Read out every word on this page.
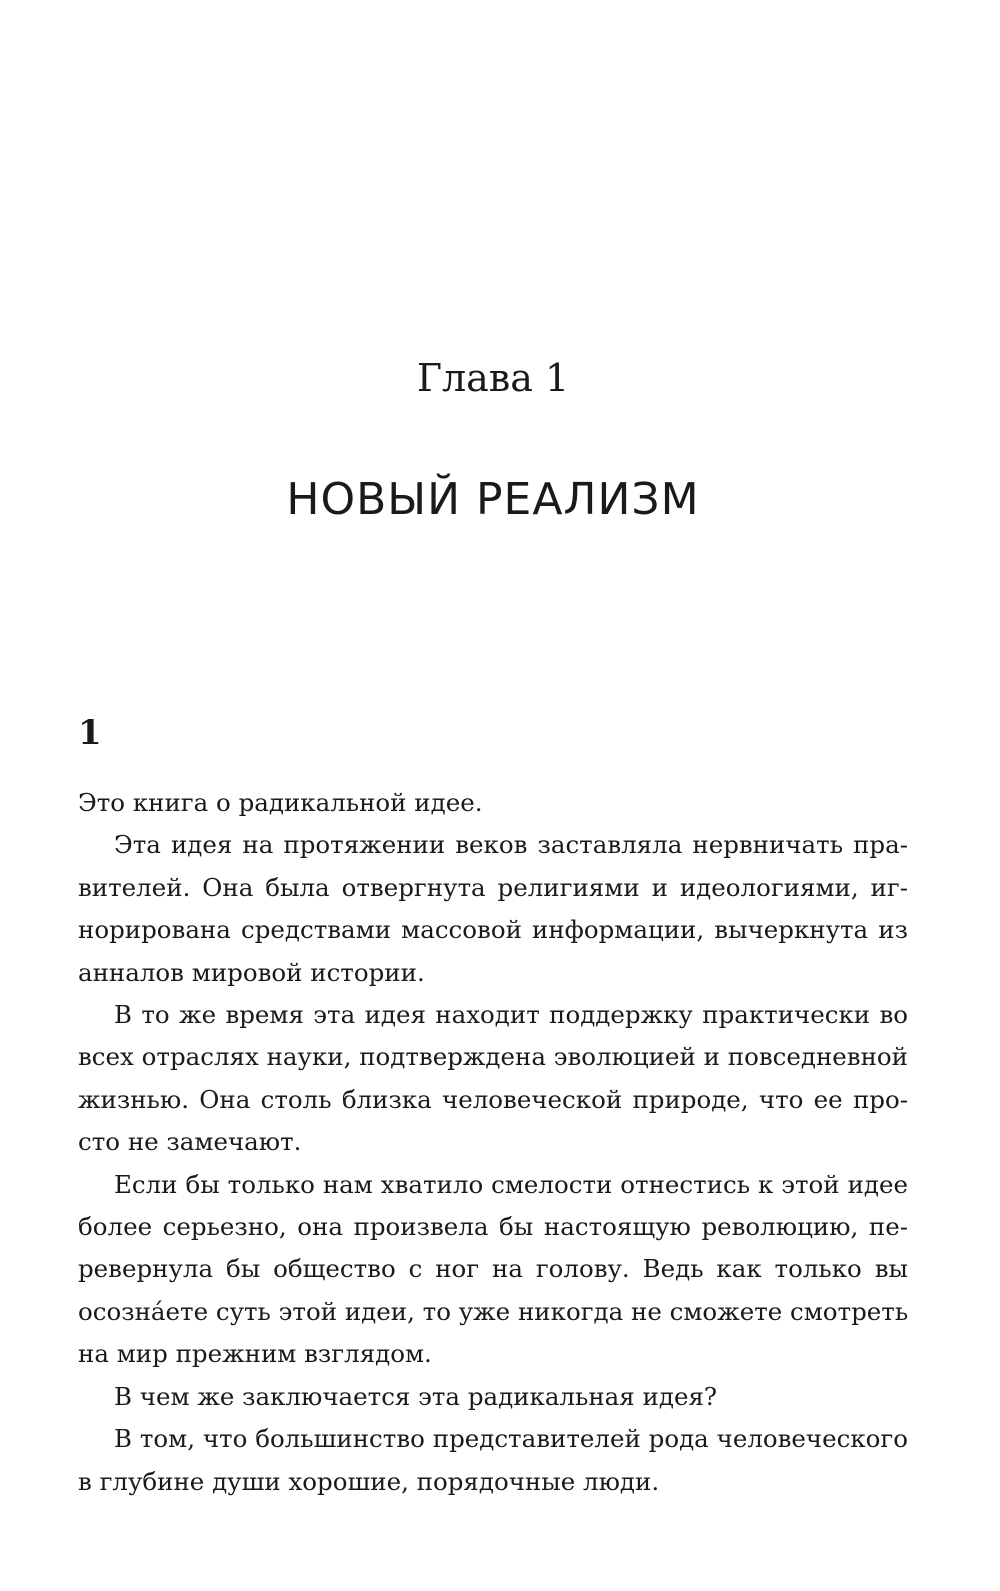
Глава 1
НОВЫЙ РЕАЛИЗМ
1
Это книга о радикальной идее.
Эта идея на протяжении веков заставляла нервничать пра-
вителей. Она была отвергнута религиями и идеологиями, иг-
норирована средствами массовой информации, вычеркнута из
анналов мировой истории.
В то же время эта идея находит поддержку практически во
всех отраслях науки, подтверждена эволюцией и повседневной
жизнью. Она столь близка человеческой природе, что ее про-
сто не замечают.
Если бы только нам хватило смелости отнестись к этой идее
более серьезно, она произвела бы настоящую революцию, пе-
ревернула бы общество с ног на голову. Ведь как только вы
осознáете суть этой идеи, то уже никогда не сможете смотреть
на мир прежним взглядом.
В чем же заключается эта радикальная идея?
В том, что большинство представителей рода человеческого
в глубине души хорошие, порядочные люди.
